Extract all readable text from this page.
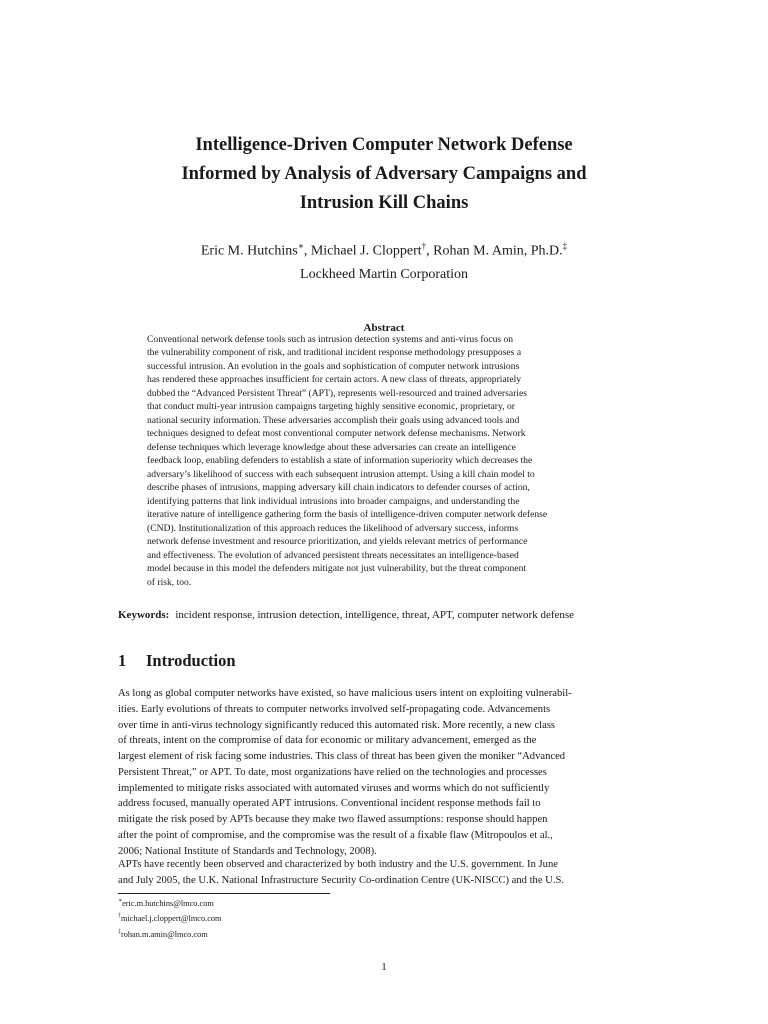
Intelligence-Driven Computer Network Defense
Informed by Analysis of Adversary Campaigns and
Intrusion Kill Chains
Eric M. Hutchins∗, Michael J. Cloppert†, Rohan M. Amin, Ph.D.‡
Lockheed Martin Corporation
Abstract
Conventional network defense tools such as intrusion detection systems and anti-virus focus on
the vulnerability component of risk, and traditional incident response methodology presupposes a
successful intrusion. An evolution in the goals and sophistication of computer network intrusions
has rendered these approaches insufficient for certain actors. A new class of threats, appropriately
dubbed the “Advanced Persistent Threat” (APT), represents well-resourced and trained adversaries
that conduct multi-year intrusion campaigns targeting highly sensitive economic, proprietary, or
national security information. These adversaries accomplish their goals using advanced tools and
techniques designed to defeat most conventional computer network defense mechanisms. Network
defense techniques which leverage knowledge about these adversaries can create an intelligence
feedback loop, enabling defenders to establish a state of information superiority which decreases the
adversary’s likelihood of success with each subsequent intrusion attempt. Using a kill chain model to
describe phases of intrusions, mapping adversary kill chain indicators to defender courses of action,
identifying patterns that link individual intrusions into broader campaigns, and understanding the
iterative nature of intelligence gathering form the basis of intelligence-driven computer network defense
(CND). Institutionalization of this approach reduces the likelihood of adversary success, informs
network defense investment and resource prioritization, and yields relevant metrics of performance
and effectiveness. The evolution of advanced persistent threats necessitates an intelligence-based
model because in this model the defenders mitigate not just vulnerability, but the threat component
of risk, too.
Keywords: incident response, intrusion detection, intelligence, threat, APT, computer network defense
1 Introduction
As long as global computer networks have existed, so have malicious users intent on exploiting vulnerabil-
ities. Early evolutions of threats to computer networks involved self-propagating code. Advancements
over time in anti-virus technology significantly reduced this automated risk. More recently, a new class
of threats, intent on the compromise of data for economic or military advancement, emerged as the
largest element of risk facing some industries. This class of threat has been given the moniker “Advanced
Persistent Threat,” or APT. To date, most organizations have relied on the technologies and processes
implemented to mitigate risks associated with automated viruses and worms which do not sufficiently
address focused, manually operated APT intrusions. Conventional incident response methods fail to
mitigate the risk posed by APTs because they make two flawed assumptions: response should happen
after the point of compromise, and the compromise was the result of a fixable flaw (Mitropoulos et al.,
2006; National Institute of Standards and Technology, 2008).
APTs have recently been observed and characterized by both industry and the U.S. government. In June
and July 2005, the U.K. National Infrastructure Security Co-ordination Centre (UK-NISCC) and the U.S.
∗eric.m.hutchins@lmco.com
†michael.j.cloppert@lmco.com
‡rohan.m.amin@lmco.com
1
